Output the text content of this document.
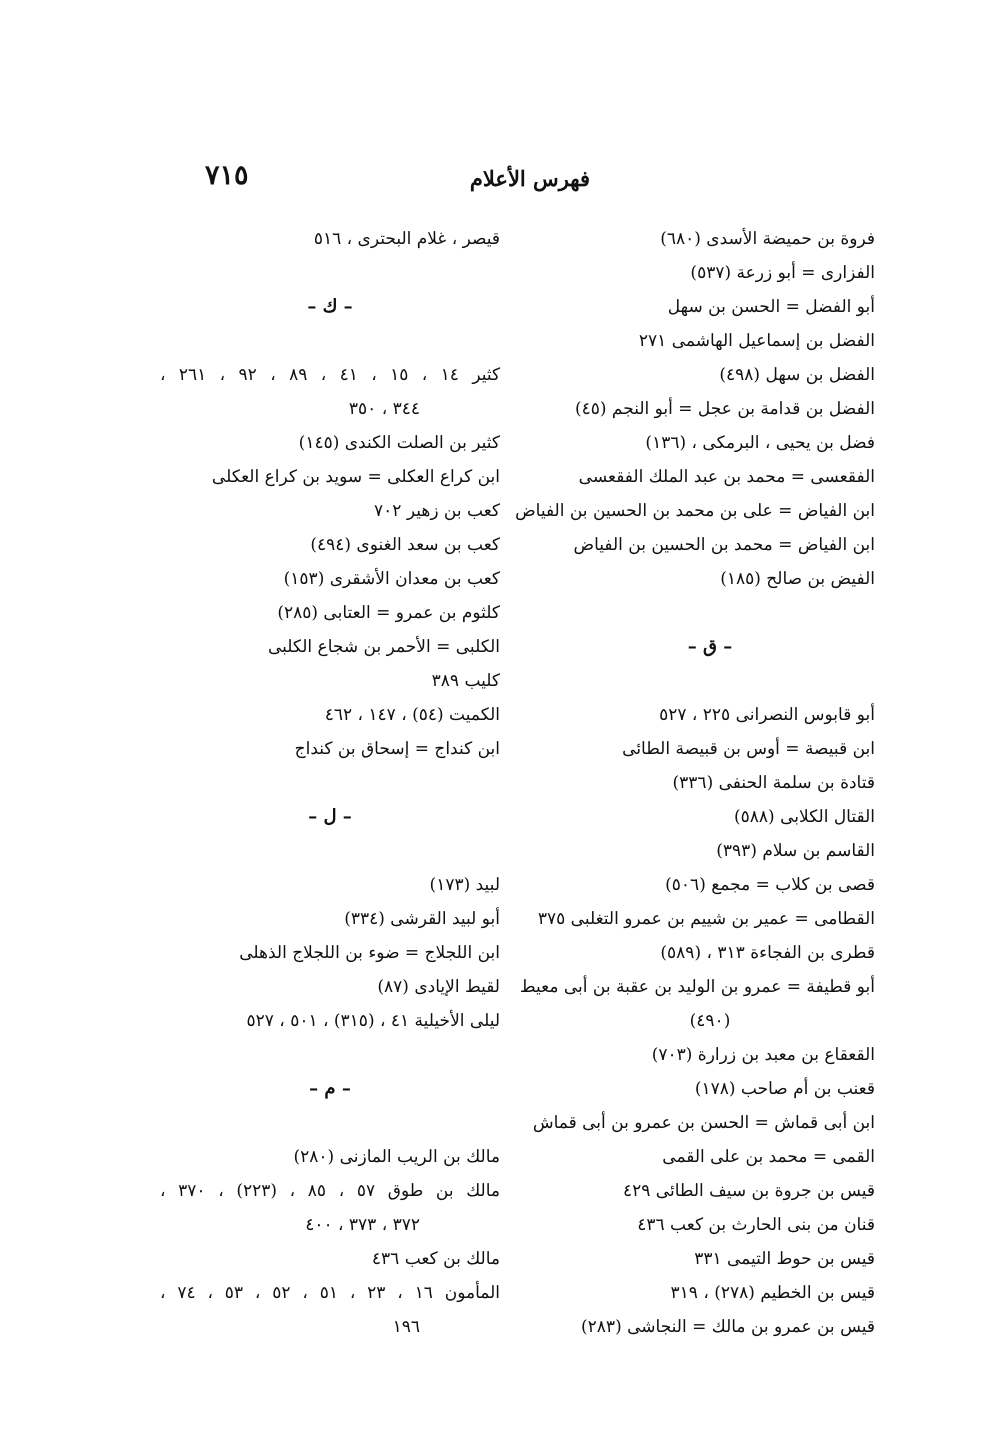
فهرس الأعلام
٧١٥
فروة بن حميضة الأسدى (٦٨٠)
الفزارى = أبو زرعة (٥٣٧)
أبو الفضل = الحسن بن سهل
الفضل بن إسماعيل الهاشمى ٢٧١
الفضل بن سهل (٤٩٨)
الفضل بن قدامة بن عجل = أبو النجم (٤٥)
فضل بن يحيى ، البرمكى ، (١٣٦)
الفقعسى = محمد بن عبد الملك الفقعسى
ابن الفياض = على بن محمد بن الحسين بن الفياض
ابن الفياض = محمد بن الحسين بن الفياض
الفيض بن صالح (١٨٥)
– ق –
أبو قابوس النصرانى ٢٢٥ ، ٥٢٧
ابن قبيصة = أوس بن قبيصة الطائى
قتادة بن سلمة الحنفى (٣٣٦)
القتال الكلابى (٥٨٨)
القاسم بن سلام (٣٩٣)
قصى بن كلاب = مجمع (٥٠٦)
القطامى = عمير بن شييم بن عمرو التغلبى ٣٧٥
قطرى بن الفجاءة ٣١٣ ، (٥٨٩)
أبو قطيفة = عمرو بن الوليد بن عقبة بن أبى معيط
(٤٩٠)
القعقاع بن معبد بن زرارة (٧٠٣)
قعنب بن أم صاحب (١٧٨)
ابن أبى قماش = الحسن بن عمرو بن أبى قماش
القمى = محمد بن على القمى
قيس بن جروة بن سيف الطائى ٤٢٩
قنان من بنى الحارث بن كعب ٤٣٦
قيس بن حوط التيمى ٣٣١
قيس بن الخطيم (٢٧٨) ، ٣١٩
قيس بن عمرو بن مالك = النجاشى (٢٨٣)
قيصر ، غلام البحترى ، ٥١٦
– ك –
كثير ١٤ ، ١٥ ، ٤١ ، ٨٩ ، ٩٢ ، ٢٦١ ،
٣٤٤ ، ٣٥٠
كثير بن الصلت الكندى (١٤٥)
ابن كراع العكلى = سويد بن كراع العكلى
كعب بن زهير ٧٠٢
كعب بن سعد الغنوى (٤٩٤)
كعب بن معدان الأشقرى (١٥٣)
كلثوم بن عمرو = العتابى (٢٨٥)
الكلبى = الأحمر بن شجاع الكلبى
كليب ٣٨٩
الكميت (٥٤) ، ١٤٧ ، ٤٦٢
ابن كنداج = إسحاق بن كنداج
– ل –
لبيد (١٧٣)
أبو لبيد القرشى (٣٣٤)
ابن اللجلاج = ضوء بن اللجلاج الذهلى
لقيط الإيادى (٨٧)
ليلى الأخيلية ٤١ ، (٣١٥) ، ٥٠١ ، ٥٢٧
– م –
مالك بن الريب المازنى (٢٨٠)
مالك بن طوق ٥٧ ، ٨٥ ، (٢٢٣) ، ٣٧٠ ،
٣٧٢ ، ٣٧٣ ، ٤٠٠
مالك بن كعب ٤٣٦
المأمون ١٦ ، ٢٣ ، ٥١ ، ٥٢ ، ٥٣ ، ٧٤ ،
١٩٦
